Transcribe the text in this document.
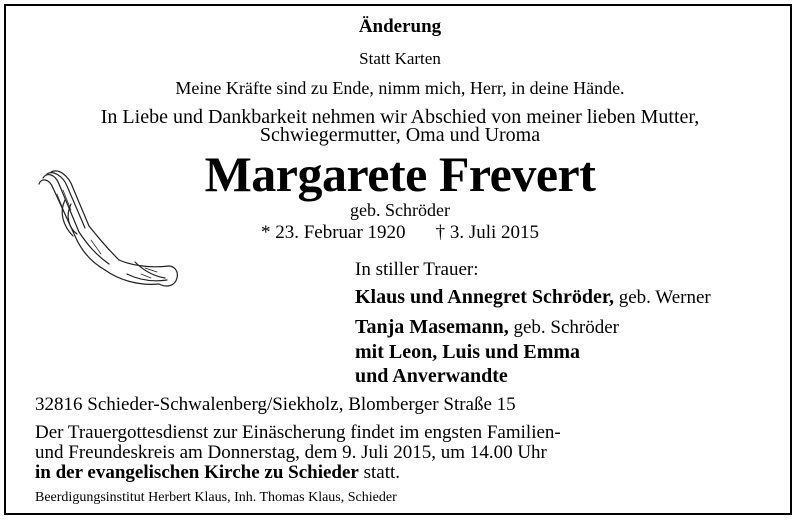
Änderung
Statt Karten
Meine Kräfte sind zu Ende, nimm mich, Herr, in deine Hände.
In Liebe und Dankbarkeit nehmen wir Abschied von meiner lieben Mutter,
Schwiegermutter, Oma und Uroma
Margarete Frevert
geb. Schröder
* 23. Februar 1920 † 3. Juli 2015
In stiller Trauer:
Klaus und Annegret Schröder, geb. Werner
Tanja Masemann, geb. Schröder
mit Leon, Luis und Emma
und Anverwandte
32816 Schieder-Schwalenberg/Siekholz, Blomberger Straße 15
Der Trauergottesdienst zur Einäscherung findet im engsten Familien-
und Freundeskreis am Donnerstag, dem 9. Juli 2015, um 14.00 Uhr
in der evangelischen Kirche zu Schieder statt.
Beerdigungsinstitut Herbert Klaus, Inh. Thomas Klaus, Schieder
